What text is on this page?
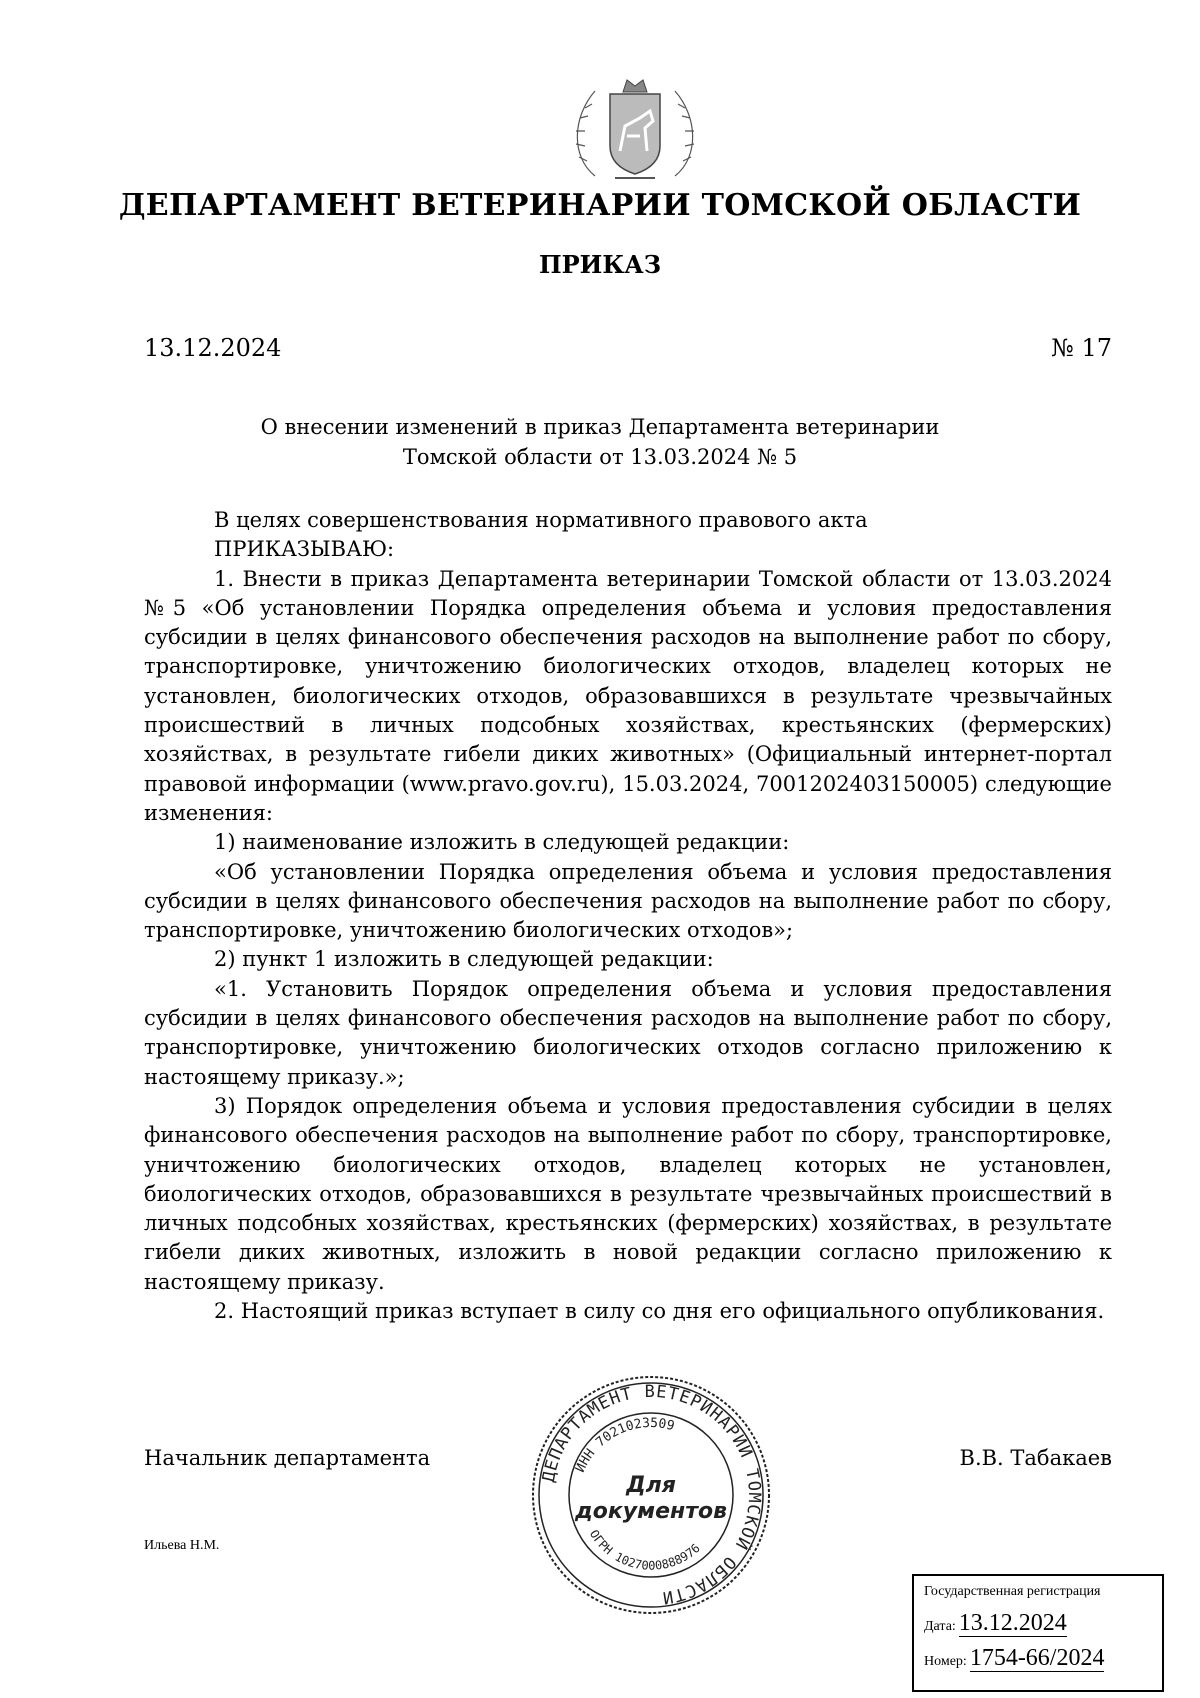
ДЕПАРТАМЕНТ ВЕТЕРИНАРИИ ТОМСКОЙ ОБЛАСТИ
ПРИКАЗ
13.12.2024	№ 17
О внесении изменений в приказ Департамента ветеринарии
Томской области от 13.03.2024 № 5

В целях совершенствования нормативного правового акта

ПРИКАЗЫВАЮ:

1. Внести в приказ Департамента ветеринарии Томской области от 13.03.2024 №5 «Об установлении Порядка определения объема и условия предоставления субсидии в целях финансового обеспечения расходов на выполнение работ по сбору, транспортировке, уничтожению биологических отходов, владелец которых не установлен, биологических отходов, образовавшихся в результате чрезвычайных происшествий в личных подсобных хозяйствах, крестьянских (фермерских) хозяйствах, в результате гибели диких животных» (Официальный интернет-портал правовой информации (www.pravo.gov.ru), 15.03.2024, 7001202403150005) следующие изменения:

1) наименование изложить в следующей редакции:

«Об установлении Порядка определения объема и условия предоставления субсидии в целях финансового обеспечения расходов на выполнение работ по сбору, транспортировке, уничтожению биологических отходов»;

2) пункт 1 изложить в следующей редакции:

«1. Установить Порядок определения объема и условия предоставления субсидии в целях финансового обеспечения расходов на выполнение работ по сбору, транспортировке, уничтожению биологических отходов согласно приложению к настоящему приказу.»;

3) Порядок определения объема и условия предоставления субсидии в целях финансового обеспечения расходов на выполнение работ по сбору, транспортировке, уничтожению биологических отходов, владелец которых не установлен, биологических отходов, образовавшихся в результате чрезвычайных происшествий в личных подсобных хозяйствах, крестьянских (фермерских) хозяйствах, в результате гибели диких животных, изложить в новой редакции согласно приложению к настоящему приказу.

2. Настоящий приказ вступает в силу со дня его официального опубликования.

Начальник департамента	В.В. Табакаев
Ильева Н.М.
ДЕПАРТАМЕНТ ВЕТЕРИНАРИИ ТОМСКОЙ ОБЛАСТИ
ИНН 7021023509
ОГРН 1027000888976
Для
документов
Государственная регистрация
Дата: 13.12.2024
Номер: 1754-66/2024
